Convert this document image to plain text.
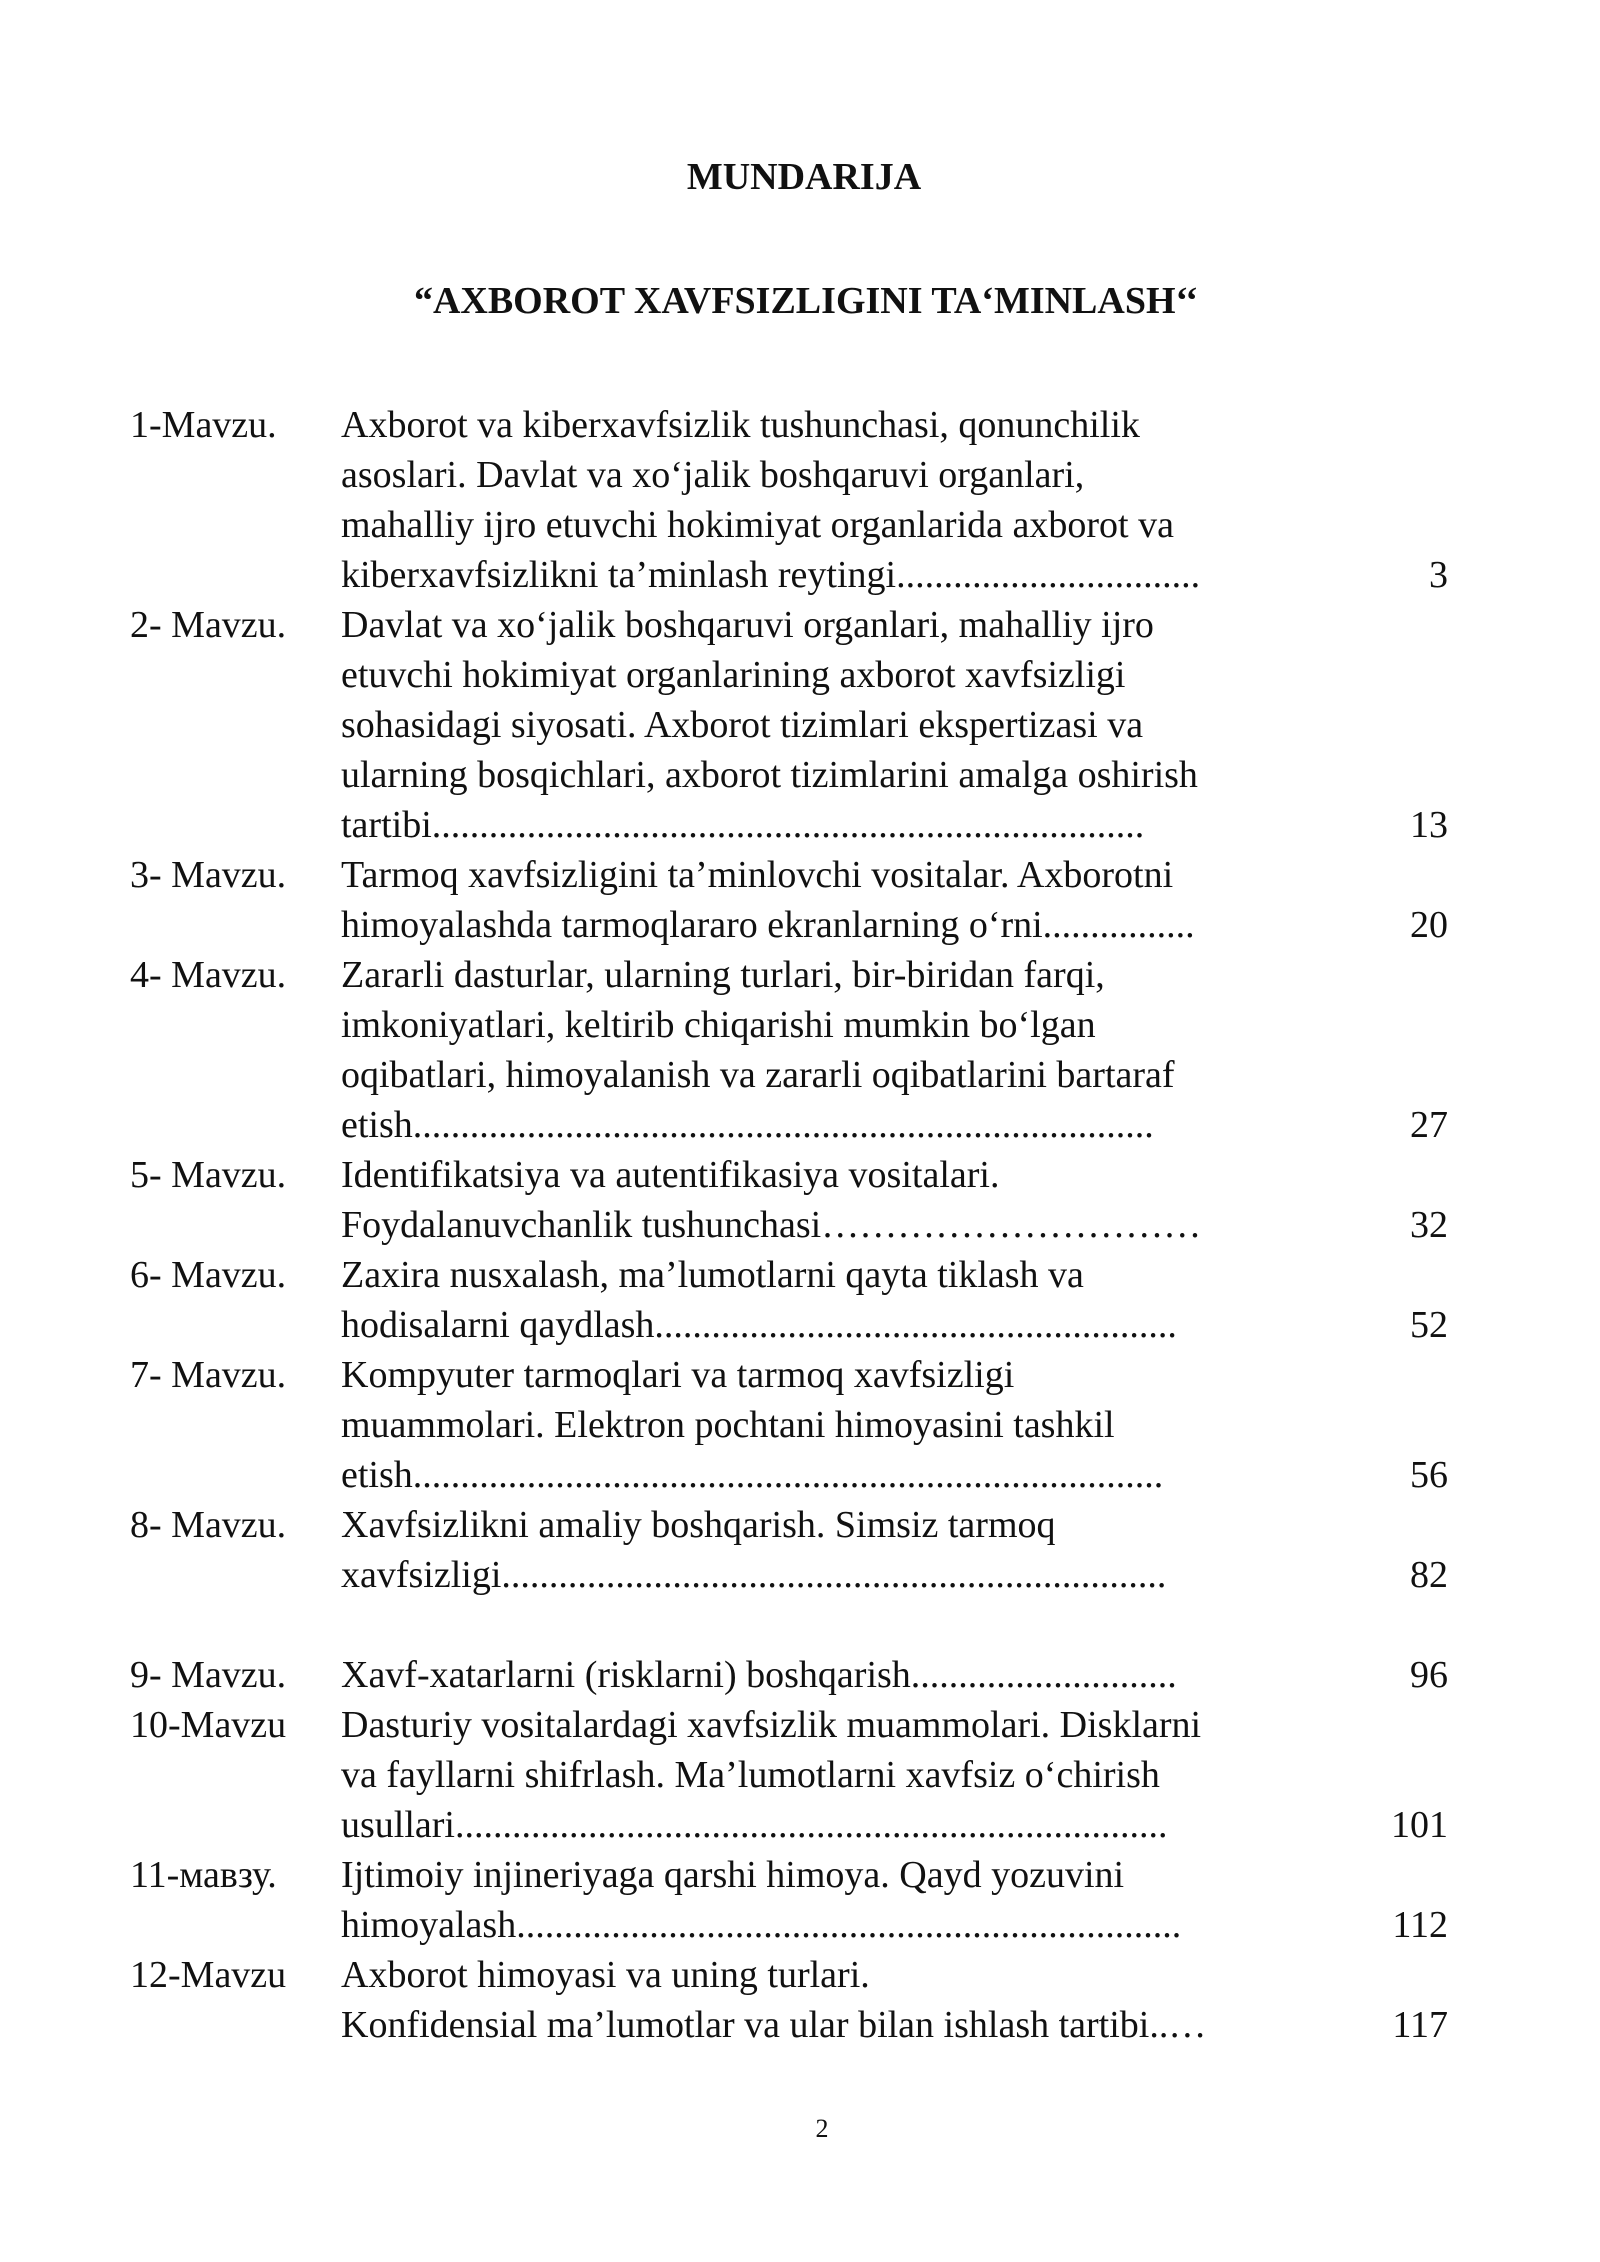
MUNDARIJA
“AXBOROT XAVFSIZLIGINI TA‘MINLASH‘‘
1-Mavzu. Axborot va kiberxavfsizlik tushunchasi, qonunchilik
asoslari. Davlat va xo‘jalik boshqaruvi organlari,
mahalliy ijro etuvchi hokimiyat organlarida axborot va
kiberxavfsizlikni ta’minlash reytingi................................	3
2- Mavzu. Davlat va xo‘jalik boshqaruvi organlari, mahalliy ijro
etuvchi hokimiyat organlarining axborot xavfsizligi
sohasidagi siyosati. Axborot tizimlari ekspertizasi va
ularning bosqichlari, axborot tizimlarini amalga oshirish
tartibi...........................................................................	13
3- Mavzu. Tarmoq xavfsizligini ta’minlovchi vositalar. Axborotni
himoyalashda tarmoqlararo ekranlarning o‘rni................	20
4- Mavzu. Zararli dasturlar, ularning turlari, bir-biridan farqi,
imkoniyatlari, keltirib chiqarishi mumkin bo‘lgan
oqibatlari, himoyalanish va zararli oqibatlarini bartaraf
etish..............................................................................	27
5- Mavzu. Identifikatsiya va autentifikasiya vositalari.
Foydalanuvchanlik tushunchasi…………………………	32
6- Mavzu. Zaxira nusxalash, ma’lumotlarni qayta tiklash va
hodisalarni qaydlash.......................................................	52
7- Mavzu. Kompyuter tarmoqlari va tarmoq xavfsizligi
muammolari. Elektron pochtani himoyasini tashkil
etish...............................................................................	56
8- Mavzu. Xavfsizlikni amaliy boshqarish. Simsiz tarmoq
xavfsizligi......................................................................	82
9- Mavzu. Xavf-xatarlarni (risklarni) boshqarish............................	96
10-Mavzu Dasturiy vositalardagi xavfsizlik muammolari. Disklarni
va fayllarni shifrlash. Ma’lumotlarni xavfsiz o‘chirish
usullari...........................................................................	101
11-мавзу. Ijtimoiy injineriyaga qarshi himoya. Qayd yozuvini
himoyalash......................................................................	112
12-Mavzu Axborot himoyasi va uning turlari.
Konfidensial ma’lumotlar va ular bilan ishlash tartibi..…	117
2
